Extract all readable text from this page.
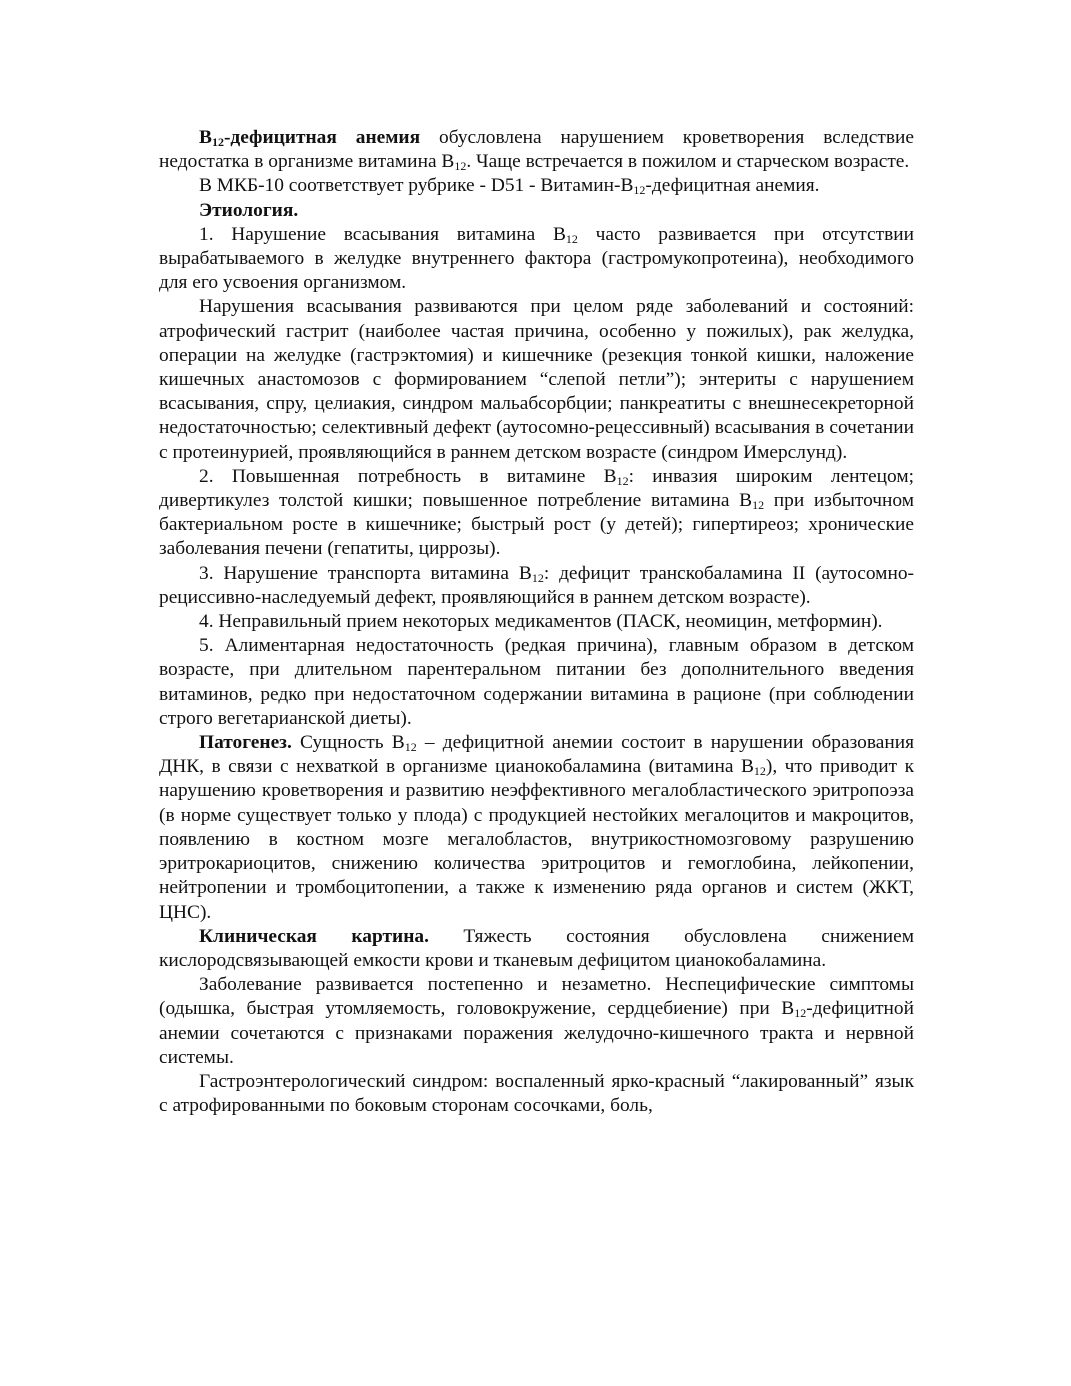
$B_{12}$-дефицитная анемия обусловлена нарушением кроветворения вследствие недостатка в организме витамина $B_{12}$. Чаще встречается в пожилом и старческом возрасте.

В МКБ-10 соответствует рубрике - D51 - Витамин-$B_{12}$-дефицитная анемия.

Этиология.

1. Нарушение всасывания витамина $B_{12}$ часто развивается при отсутствии вырабатываемого в желудке внутреннего фактора (гастромукопротеина), необходимого для его усвоения организмом.

Нарушения всасывания развиваются при целом ряде заболеваний и состояний: атрофический гастрит (наиболее частая причина, особенно у пожилых), рак желудка, операции на желудке (гастрэктомия) и кишечнике (резекция тонкой кишки, наложение кишечных анастомозов с формированием “слепой петли”); энтериты с нарушением всасывания, спру, целиакия, синдром мальабсорбции; панкреатиты с внешнесекреторной недостаточностью; селективный дефект (аутосомно-рецессивный) всасывания в сочетании с протеинурией, проявляющийся в раннем детском возрасте (синдром Имерслунд).

2. Повышенная потребность в витамине $B_{12}$: инвазия широким лентецом; дивертикулез толстой кишки; повышенное потребление витамина $B_{12}$ при избыточном бактериальном росте в кишечнике; быстрый рост (у детей); гипертиреоз; хронические заболевания печени (гепатиты, циррозы).

3. Нарушение транспорта витамина $B_{12}$: дефицит транскобаламина II (аутосомно-рециссивно-наследуемый дефект, проявляющийся в раннем детском возрасте).

4. Неправильный прием некоторых медикаментов (ПАСК, неомицин, метформин).

5. Алиментарная недостаточность (редкая причина), главным образом в детском возрасте, при длительном парентеральном питании без дополнительного введения витаминов, редко при недостаточном содержании витамина в рационе (при соблюдении строго вегетарианской диеты).

Патогенез. Сущность $B_{12}$ – дефицитной анемии состоит в нарушении образования ДНК, в связи с нехваткой в организме цианокобаламина (витамина $B_{12}$), что приводит к нарушению кроветворения и развитию неэффективного мегалобластического эритропоэза (в норме существует только у плода) с продукцией нестойких мегалоцитов и макроцитов, появлению в костном мозге мегалобластов, внутрикостномозговому разрушению эритрокариоцитов, снижению количества эритроцитов и гемоглобина, лейкопении, нейтропении и тромбоцитопении, а также к изменению ряда органов и систем (ЖКТ, ЦНС).

Клиническая картина. Тяжесть состояния обусловлена снижением кислородсвязывающей емкости крови и тканевым дефицитом цианокобаламина.

Заболевание развивается постепенно и незаметно. Неспецифические симптомы (одышка, быстрая утомляемость, головокружение, сердцебиение) при $B_{12}$-дефицитной анемии сочетаются с признаками поражения желудочно-кишечного тракта и нервной системы.

Гастроэнтерологический синдром: воспаленный ярко-красный “лакированный” язык с атрофированными по боковым сторонам сосочками, боль,
